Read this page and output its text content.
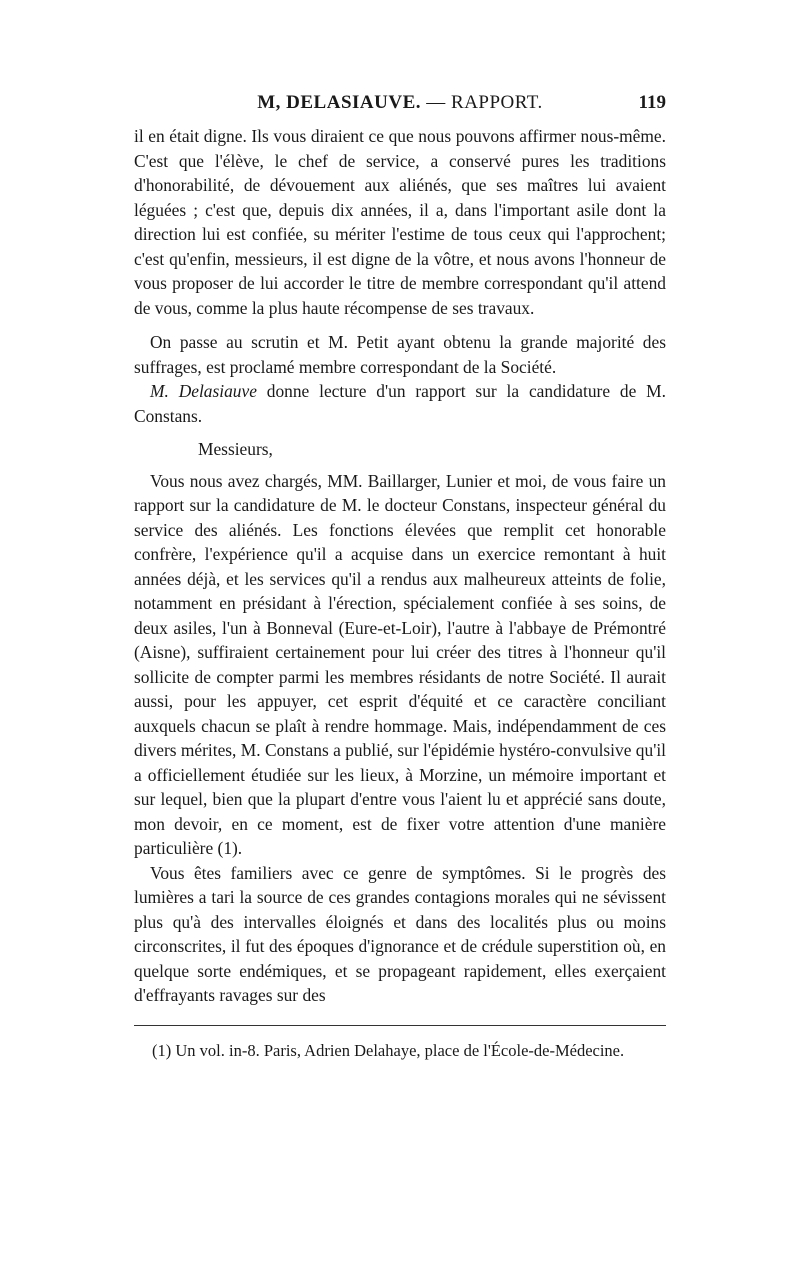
M, DELASIAUVE. — RAPPORT.	119

il en était digne. Ils vous diraient ce que nous pouvons affirmer nous-même. C'est que l'élève, le chef de service, a conservé pures les traditions d'honorabilité, de dévouement aux aliénés, que ses maîtres lui avaient léguées ; c'est que, depuis dix années, il a, dans l'important asile dont la direction lui est confiée, su mériter l'estime de tous ceux qui l'approchent; c'est qu'enfin, messieurs, il est digne de la vôtre, et nous avons l'honneur de vous proposer de lui accorder le titre de membre correspondant qu'il attend de vous, comme la plus haute récompense de ses travaux.

On passe au scrutin et M. Petit ayant obtenu la grande majorité des suffrages, est proclamé membre correspondant de la Société.

M. Delasiauve donne lecture d'un rapport sur la candidature de M. Constans.

Messieurs,

Vous nous avez chargés, MM. Baillarger, Lunier et moi, de vous faire un rapport sur la candidature de M. le docteur Constans, inspecteur général du service des aliénés. Les fonctions élevées que remplit cet honorable confrère, l'expérience qu'il a acquise dans un exercice remontant à huit années déjà, et les services qu'il a rendus aux malheureux atteints de folie, notamment en présidant à l'érection, spécialement confiée à ses soins, de deux asiles, l'un à Bonneval (Eure-et-Loir), l'autre à l'abbaye de Prémontré (Aisne), suffiraient certainement pour lui créer des titres à l'honneur qu'il sollicite de compter parmi les membres résidants de notre Société. Il aurait aussi, pour les appuyer, cet esprit d'équité et ce caractère conciliant auxquels chacun se plaît à rendre hommage. Mais, indépendamment de ces divers mérites, M. Constans a publié, sur l'épidémie hystéro-convulsive qu'il a officiellement étudiée sur les lieux, à Morzine, un mémoire important et sur lequel, bien que la plupart d'entre vous l'aient lu et apprécié sans doute, mon devoir, en ce moment, est de fixer votre attention d'une manière particulière (1).

Vous êtes familiers avec ce genre de symptômes. Si le progrès des lumières a tari la source de ces grandes contagions morales qui ne sévissent plus qu'à des intervalles éloignés et dans des localités plus ou moins circonscrites, il fut des époques d'ignorance et de crédule superstition où, en quelque sorte endémiques, et se propageant rapidement, elles exerçaient d'effrayants ravages sur des

(1) Un vol. in-8. Paris, Adrien Delahaye, place de l'École-de-Médecine.
